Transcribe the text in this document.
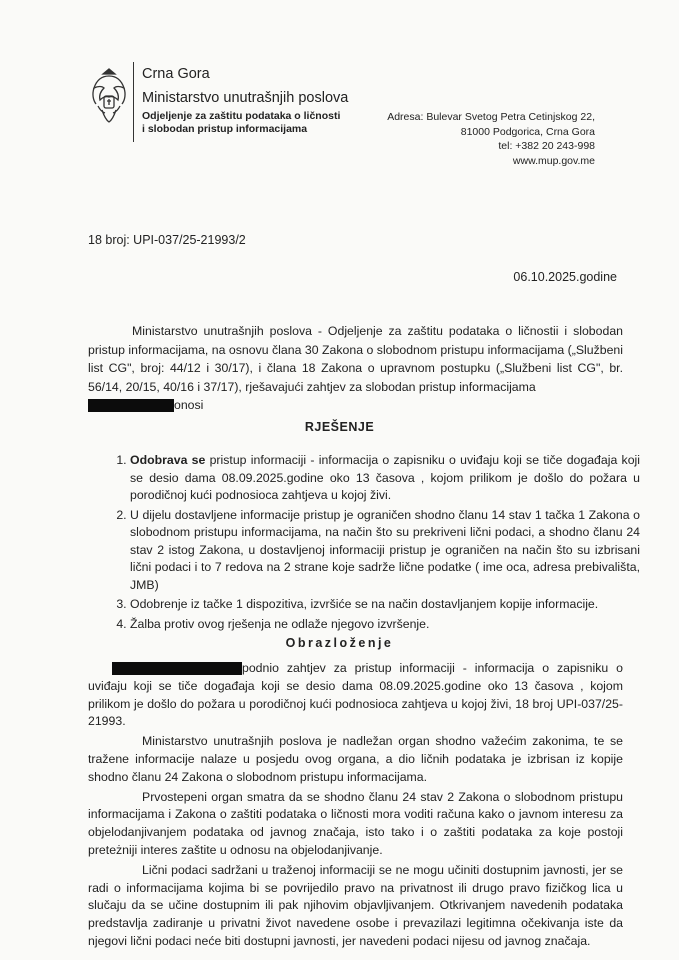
Crna Gora
Ministarstvo unutrašnjih poslova
Odjeljenje za zaštitu podataka o ličnosti
i slobodan pristup informacijama
Adresa: Bulevar Svetog Petra Cetinjskog 22,
81000 Podgorica, Crna Gora
tel: +382 20 243-998
www.mup.gov.me
18 broj: UPI-037/25-21993/2
06.10.2025.godine
Ministarstvo unutrašnjih poslova - Odjeljenje za zaštitu podataka o ličnostii i slobodan pristup informacijama, na osnovu člana 30 Zakona o slobodnom pristupu informacijama („Službeni list CG", broj: 44/12 i 30/17), i člana 18 Zakona o upravnom postupku („Službeni list CG", br. 56/14, 20/15, 40/16 i 37/17), rješavajući zahtjev za slobodan pristup informacijama
onosi
RJEŠENJE
1. Odobrava se pristup informaciji - informacija o zapisniku o uviđaju koji se tiče događaja koji se desio dama 08.09.2025.godine oko 13 časova , kojom prilikom je došlo do požara u porodičnoj kući podnosioca zahtjeva u kojoj živi.
2. U dijelu dostavljene informacije pristup je ograničen shodno članu 14 stav 1 tačka 1 Zakona o slobodnom pristupu informacijama, na način što su prekriveni lični podaci, a shodno članu 24 stav 2 istog Zakona, u dostavljenoj informaciji pristup je ograničen na način što su izbrisani lični podaci i to 7 redova na 2 strane koje sadrže lične podatke ( ime oca, adresa prebivališta, JMB)
3. Odobrenje iz tačke 1 dispozitiva, izvršiće se na način dostavljanjem kopije informacije.
4. Žalba protiv ovog rješenja ne odlaže njegovo izvršenje.
Obrazloženje

podnio zahtjev za pristup informaciji - informacija o zapisniku o uviđaju koji se tiče događaja koji se desio dama 08.09.2025.godine oko 13 časova , kojom prilikom je došlo do požara u porodičnoj kući podnosioca zahtjeva u kojoj živi, 18 broj UPI-037/25-21993.

Ministarstvo unutrašnjih poslova je nadležan organ shodno važećim zakonima, te se tražene informacije nalaze u posjedu ovog organa, a dio ličnih podataka je izbrisan iz kopije shodno članu 24 Zakona o slobodnom pristupu informacijama.

Prvostepeni organ smatra da se shodno članu 24 stav 2 Zakona o slobodnom pristupu informacijama i Zakona o zaštiti podataka o ličnosti mora voditi računa kako o javnom interesu za objelodanjivanjem podataka od javnog značaja, isto tako i o zaštiti podataka za koje postoji preteżniji interes zaštite u odnosu na objelodanjivanje.

Lični podaci sadržani u traženoj informaciji se ne mogu učiniti dostupnim javnosti, jer se radi o informacijama kojima bi se povrijedilo pravo na privatnost ili drugo pravo fizičkog lica u slučaju da se učine dostupnim ili pak njihovim objavljivanjem. Otkrivanjem navedenih podataka predstavlja zadiranje u privatni život navedene osobe i prevazilazi legitimna očekivanja iste da njegovi lični podaci neće biti dostupni javnosti, jer navedeni podaci nijesu od javnog značaja.
